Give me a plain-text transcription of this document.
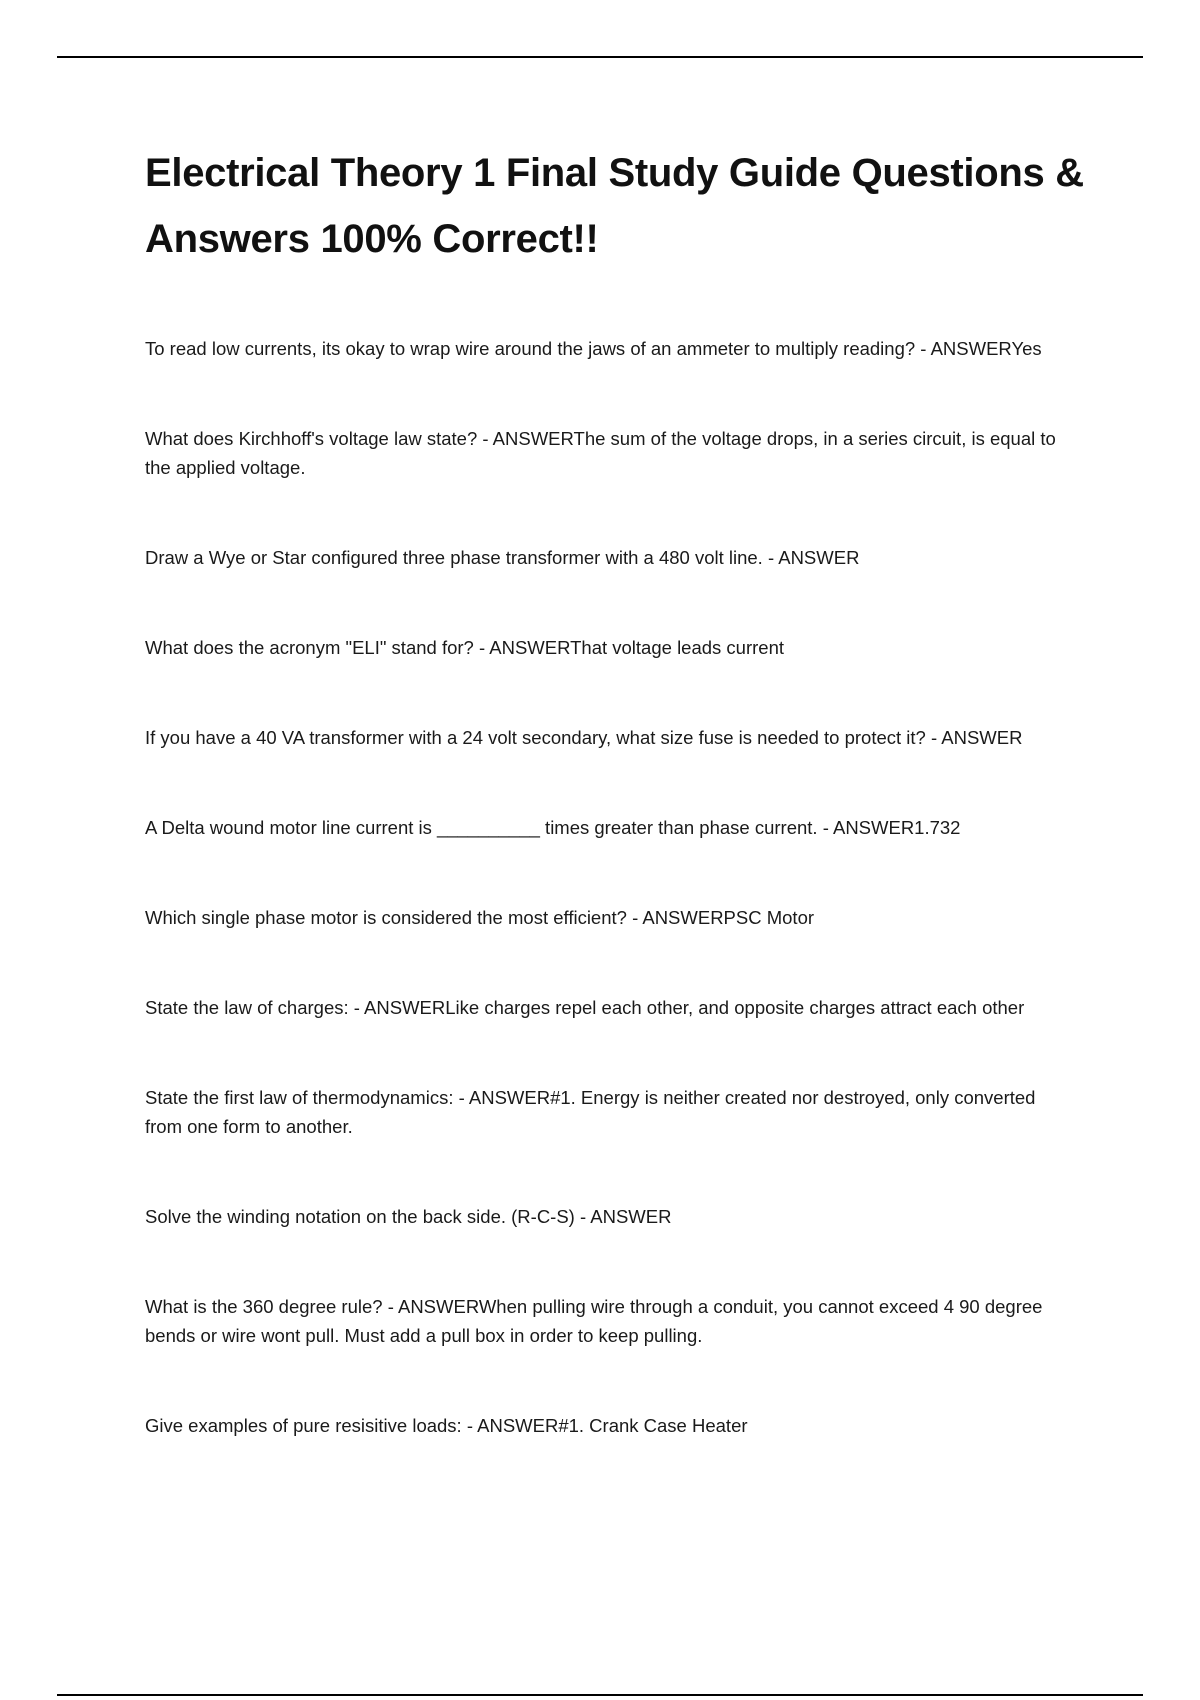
Electrical Theory 1 Final Study Guide Questions & Answers 100% Correct!!
To read low currents, its okay to wrap wire around the jaws of an ammeter to multiply reading? - ANSWERYes
What does Kirchhoff's voltage law state? - ANSWERThe sum of the voltage drops, in a series circuit, is equal to the applied voltage.
Draw a Wye or Star configured three phase transformer with a 480 volt line. - ANSWER
What does the acronym "ELI" stand for? - ANSWERThat voltage leads current
If you have a 40 VA transformer with a 24 volt secondary, what size fuse is needed to protect it? - ANSWER
A Delta wound motor line current is __________ times greater than phase current. - ANSWER1.732
Which single phase motor is considered the most efficient? - ANSWERPSC Motor
State the law of charges: - ANSWERLike charges repel each other, and opposite charges attract each other
State the first law of thermodynamics: - ANSWER#1. Energy is neither created nor destroyed, only converted from one form to another.
Solve the winding notation on the back side. (R-C-S) - ANSWER
What is the 360 degree rule? - ANSWERWhen pulling wire through a conduit, you cannot exceed 4 90 degree bends or wire wont pull. Must add a pull box in order to keep pulling.
Give examples of pure resisitive loads: - ANSWER#1. Crank Case Heater
